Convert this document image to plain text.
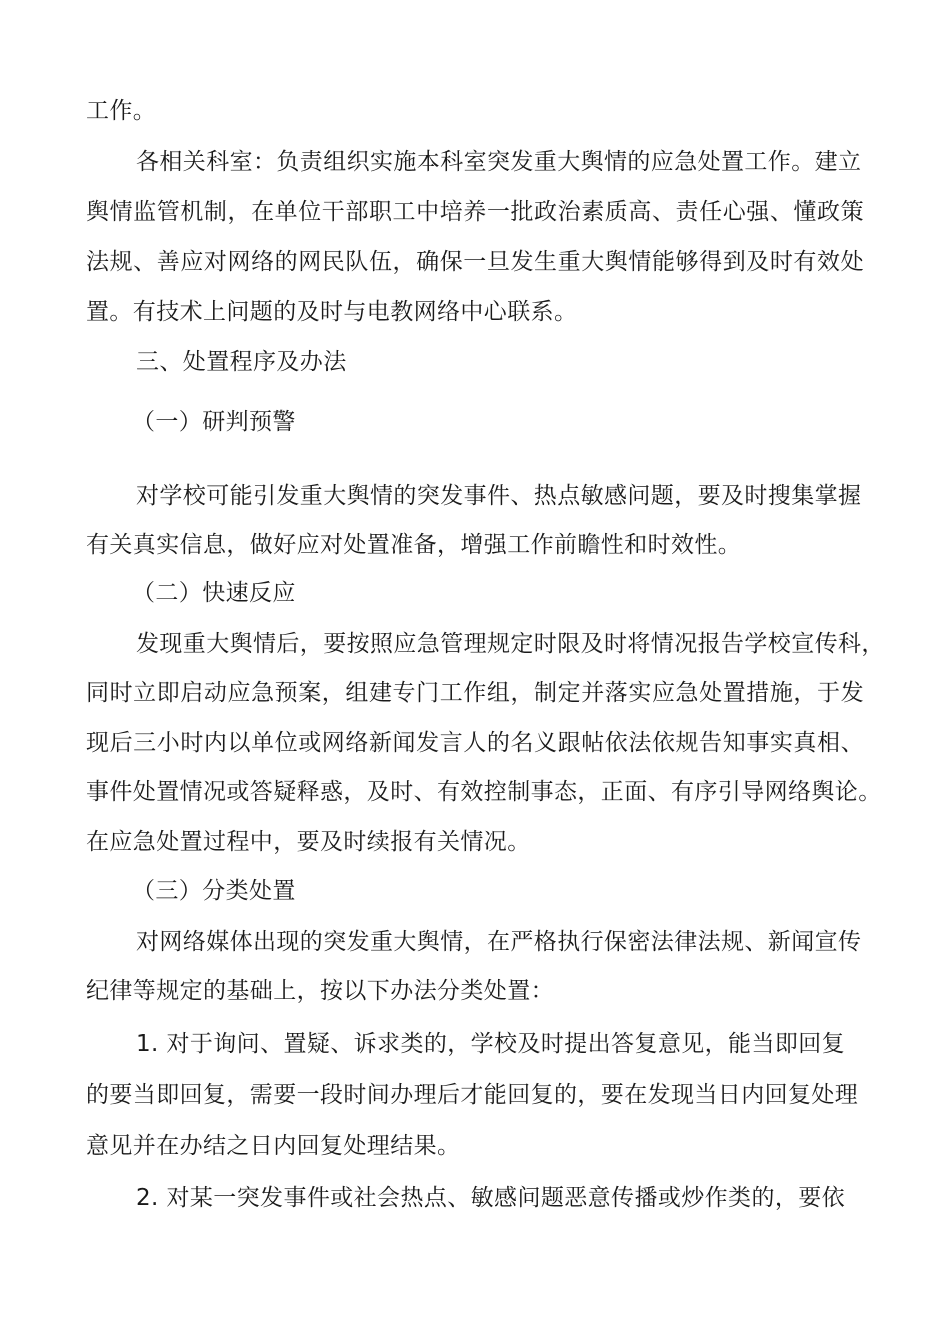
工作。
各相关科室：负责组织实施本科室突发重大舆情的应急处置工作。建立
舆情监管机制，在单位干部职工中培养一批政治素质高、责任心强、懂政策
法规、善应对网络的网民队伍，确保一旦发生重大舆情能够得到及时有效处
置。有技术上问题的及时与电教网络中心联系。
三、处置程序及办法
（一）研判预警
对学校可能引发重大舆情的突发事件、热点敏感问题，要及时搜集掌握
有关真实信息，做好应对处置准备，增强工作前瞻性和时效性。
（二）快速反应
发现重大舆情后，要按照应急管理规定时限及时将情况报告学校宣传科，
同时立即启动应急预案，组建专门工作组，制定并落实应急处置措施，于发
现后三小时内以单位或网络新闻发言人的名义跟帖依法依规告知事实真相、
事件处置情况或答疑释惑，及时、有效控制事态，正面、有序引导网络舆论。
在应急处置过程中，要及时续报有关情况。
（三）分类处置
对网络媒体出现的突发重大舆情，在严格执行保密法律法规、新闻宣传
纪律等规定的基础上，按以下办法分类处置：
1. 对于询问、置疑、诉求类的，学校及时提出答复意见，能当即回复
的要当即回复，需要一段时间办理后才能回复的，要在发现当日内回复处理
意见并在办结之日内回复处理结果。
2. 对某一突发事件或社会热点、敏感问题恶意传播或炒作类的，要依
